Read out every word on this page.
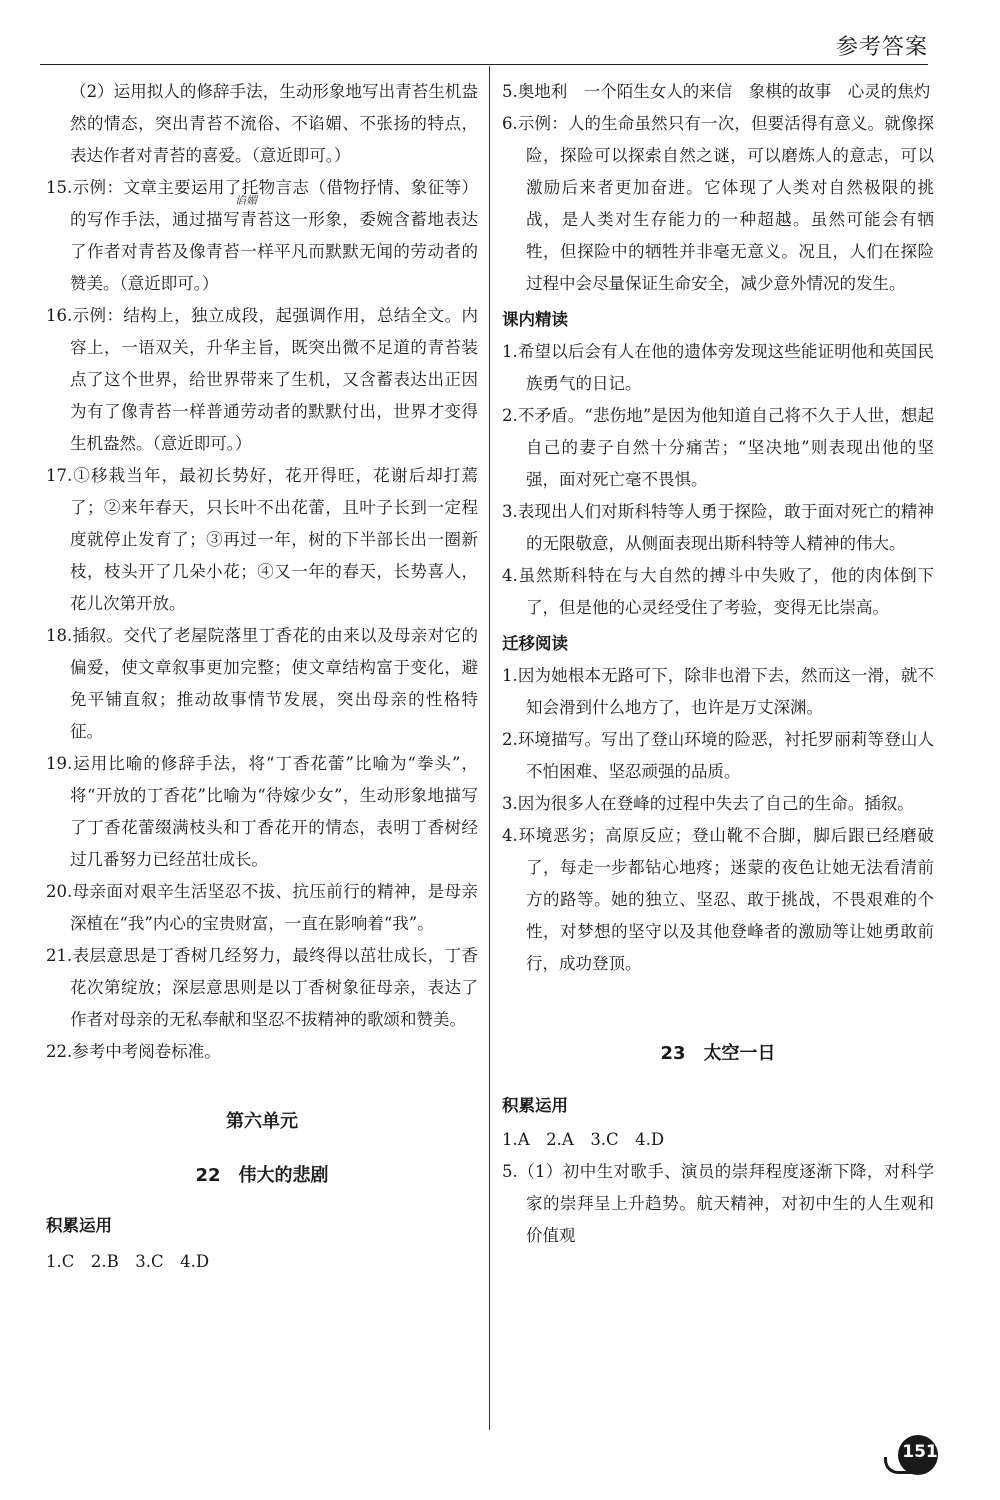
参考答案
谄媚
（2）运用拟人的修辞手法，生动形象地写出青苔生机盎然的情态，突出青苔不流俗、不谄媚、不张扬的特点，表达作者对青苔的喜爱。（意近即可。）
15.示例：文章主要运用了托物言志（借物抒情、象征等）的写作手法，通过描写青苔这一形象，委婉含蓄地表达了作者对青苔及像青苔一样平凡而默默无闻的劳动者的赞美。（意近即可。）
16.示例：结构上，独立成段，起强调作用，总结全文。内容上，一语双关，升华主旨，既突出微不足道的青苔装点了这个世界，给世界带来了生机，又含蓄表达出正因为有了像青苔一样普通劳动者的默默付出，世界才变得生机盎然。（意近即可。）
17.①移栽当年，最初长势好，花开得旺，花谢后却打蔫了；②来年春天，只长叶不出花蕾，且叶子长到一定程度就停止发育了；③再过一年，树的下半部长出一圈新枝，枝头开了几朵小花；④又一年的春天，长势喜人，花儿次第开放。
18.插叙。交代了老屋院落里丁香花的由来以及母亲对它的偏爱，使文章叙事更加完整；使文章结构富于变化，避免平铺直叙；推动故事情节发展，突出母亲的性格特征。
19.运用比喻的修辞手法，将“丁香花蕾”比喻为“拳头”，将“开放的丁香花”比喻为“待嫁少女”，生动形象地描写了丁香花蕾缀满枝头和丁香花开的情态，表明丁香树经过几番努力已经茁壮成长。
20.母亲面对艰辛生活坚忍不拔、抗压前行的精神，是母亲深植在“我”内心的宝贵财富，一直在影响着“我”。
21.表层意思是丁香树几经努力，最终得以茁壮成长，丁香花次第绽放；深层意思则是以丁香树象征母亲，表达了作者对母亲的无私奉献和坚忍不拔精神的歌颂和赞美。
22.参考中考阅卷标准。
第六单元
22　伟大的悲剧
积累运用
1.C　2.B　3.C　4.D
5.奥地利　一个陌生女人的来信　象棋的故事　心灵的焦灼
6.示例：人的生命虽然只有一次，但要活得有意义。就像探险，探险可以探索自然之谜，可以磨炼人的意志，可以激励后来者更加奋进。它体现了人类对自然极限的挑战，是人类对生存能力的一种超越。虽然可能会有牺牲，但探险中的牺牲并非毫无意义。况且，人们在探险过程中会尽量保证生命安全，减少意外情况的发生。
课内精读
1.希望以后会有人在他的遗体旁发现这些能证明他和英国民族勇气的日记。
2.不矛盾。“悲伤地”是因为他知道自己将不久于人世，想起自己的妻子自然十分痛苦；“坚决地”则表现出他的坚强，面对死亡毫不畏惧。
3.表现出人们对斯科特等人勇于探险，敢于面对死亡的精神的无限敬意，从侧面表现出斯科特等人精神的伟大。
4.虽然斯科特在与大自然的搏斗中失败了，他的肉体倒下了，但是他的心灵经受住了考验，变得无比崇高。
迁移阅读
1.因为她根本无路可下，除非也滑下去，然而这一滑，就不知会滑到什么地方了，也许是万丈深渊。
2.环境描写。写出了登山环境的险恶，衬托罗丽莉等登山人不怕困难、坚忍顽强的品质。
3.因为很多人在登峰的过程中失去了自己的生命。插叙。
4.环境恶劣；高原反应；登山靴不合脚，脚后跟已经磨破了，每走一步都钻心地疼；迷蒙的夜色让她无法看清前方的路等。她的独立、坚忍、敢于挑战，不畏艰难的个性，对梦想的坚守以及其他登峰者的激励等让她勇敢前行，成功登顶。
23　太空一日
积累运用
1.A　2.A　3.C　4.D
5.（1）初中生对歌手、演员的崇拜程度逐渐下降，对科学家的崇拜呈上升趋势。航天精神，对初中生的人生观和价值观
151
